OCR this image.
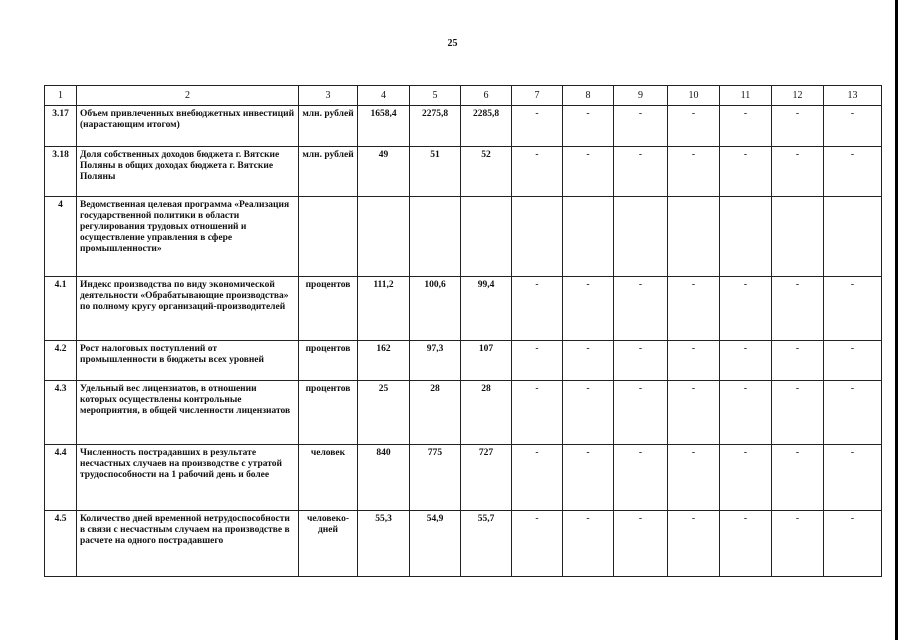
25
1	2	3	4	5	6	7	8	9	10	11	12	13
3.17	Объем привлеченных внебюджетных инвестиций (нарастающим итогом)	млн. рублей	1658,4	2275,8	2285,8	-	-	-	-	-	-	-
3.18	Доля собственных доходов бюджета г. Вятские Поляны в общих доходах бюджета г. Вятские Поляны	млн. рублей	49	51	52	-	-	-	-	-	-	-
4	Ведомственная целевая программа «Реализация государственной политики в области регулирования трудовых отношений и осуществление управления в сфере промышленности»											
4.1	Индекс производства по виду экономической деятельности «Обрабатывающие производства» по полному кругу организаций-производителей	процентов	111,2	100,6	99,4	-	-	-	-	-	-	-
4.2	Рост налоговых поступлений от промышленности в бюджеты всех уровней	процентов	162	97,3	107	-	-	-	-	-	-	-
4.3	Удельный вес лицензиатов, в отношении которых осуществлены контрольные мероприятия, в общей численности лицензиатов	процентов	25	28	28	-	-	-	-	-	-	-
4.4	Численность пострадавших в результате несчастных случаев на производстве с утратой трудоспособности на 1 рабочий день и более	человек	840	775	727	-	-	-	-	-	-	-
4.5	Количество дней временной нетрудоспособности в связи с несчастным случаем на производстве в расчете на одного пострадавшего	человеко-дней	55,3	54,9	55,7	-	-	-	-	-	-	-
